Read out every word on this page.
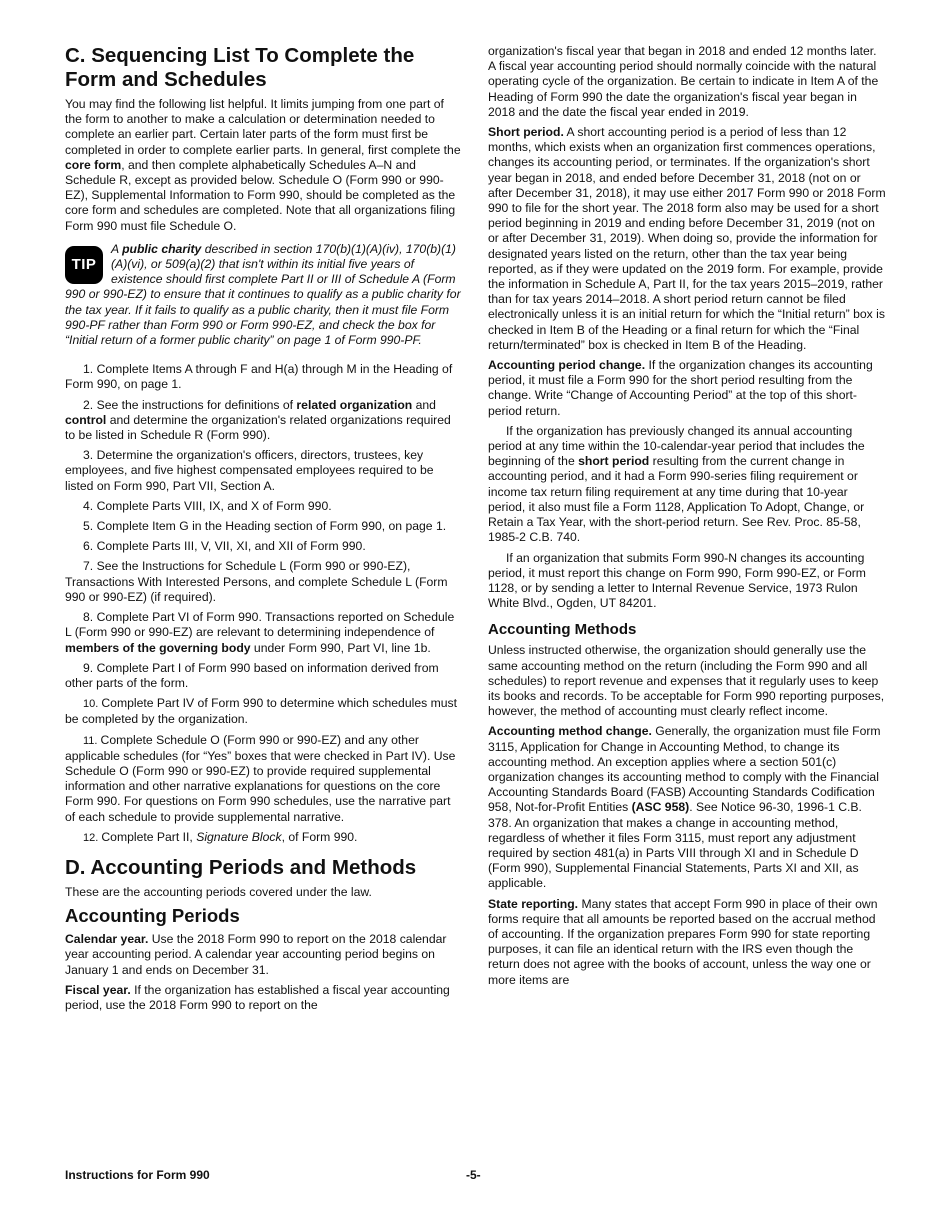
C. Sequencing List To Complete the Form and Schedules

You may find the following list helpful. It limits jumping from one part of the form to another to make a calculation or determination needed to complete an earlier part. Certain later parts of the form must first be completed in order to complete earlier parts. In general, first complete the core form, and then complete alphabetically Schedules A–N and Schedule R, except as provided below. Schedule O (Form 990 or 990-EZ), Supplemental Information to Form 990, should be completed as the core form and schedules are completed. Note that all organizations filing Form 990 must file Schedule O.

TIP
A public charity described in section 170(b)(1)(A)(iv), 170(b)(1)(A)(vi), or 509(a)(2) that isn't within its initial five years of existence should first complete Part II or III of Schedule A (Form 990 or 990-EZ) to ensure that it continues to qualify as a public charity for the tax year. If it fails to qualify as a public charity, then it must file Form 990-PF rather than Form 990 or Form 990-EZ, and check the box for “Initial return of a former public charity” on page 1 of Form 990-PF.

1. Complete Items A through F and H(a) through M in the Heading of Form 990, on page 1.

2. See the instructions for definitions of related organization and control and determine the organization's related organizations required to be listed in Schedule R (Form 990).

3. Determine the organization's officers, directors, trustees, key employees, and five highest compensated employees required to be listed on Form 990, Part VII, Section A.

4. Complete Parts VIII, IX, and X of Form 990.

5. Complete Item G in the Heading section of Form 990, on page 1.

6. Complete Parts III, V, VII, XI, and XII of Form 990.

7. See the Instructions for Schedule L (Form 990 or 990-EZ), Transactions With Interested Persons, and complete Schedule L (Form 990 or 990-EZ) (if required).

8. Complete Part VI of Form 990. Transactions reported on Schedule L (Form 990 or 990-EZ) are relevant to determining independence of members of the governing body under Form 990, Part VI, line 1b.

9. Complete Part I of Form 990 based on information derived from other parts of the form.

10. Complete Part IV of Form 990 to determine which schedules must be completed by the organization.

11. Complete Schedule O (Form 990 or 990-EZ) and any other applicable schedules (for “Yes” boxes that were checked in Part IV). Use Schedule O (Form 990 or 990-EZ) to provide required supplemental information and other narrative explanations for questions on the core Form 990. For questions on Form 990 schedules, use the narrative part of each schedule to provide supplemental narrative.

12. Complete Part II, Signature Block, of Form 990.

D. Accounting Periods and Methods

These are the accounting periods covered under the law.

Accounting Periods

Calendar year. Use the 2018 Form 990 to report on the 2018 calendar year accounting period. A calendar year accounting period begins on January 1 and ends on December 31.

Fiscal year. If the organization has established a fiscal year accounting period, use the 2018 Form 990 to report on the

organization's fiscal year that began in 2018 and ended 12 months later. A fiscal year accounting period should normally coincide with the natural operating cycle of the organization. Be certain to indicate in Item A of the Heading of Form 990 the date the organization's fiscal year began in 2018 and the date the fiscal year ended in 2019.

Short period. A short accounting period is a period of less than 12 months, which exists when an organization first commences operations, changes its accounting period, or terminates. If the organization's short year began in 2018, and ended before December 31, 2018 (not on or after December 31, 2018), it may use either 2017 Form 990 or 2018 Form 990 to file for the short year. The 2018 form also may be used for a short period beginning in 2019 and ending before December 31, 2019 (not on or after December 31, 2019). When doing so, provide the information for designated years listed on the return, other than the tax year being reported, as if they were updated on the 2019 form. For example, provide the information in Schedule A, Part II, for the tax years 2015–2019, rather than for tax years 2014–2018. A short period return cannot be filed electronically unless it is an initial return for which the “Initial return” box is checked in Item B of the Heading or a final return for which the “Final return/terminated” box is checked in Item B of the Heading.

Accounting period change. If the organization changes its accounting period, it must file a Form 990 for the short period resulting from the change. Write “Change of Accounting Period” at the top of this short-period return.

If the organization has previously changed its annual accounting period at any time within the 10-calendar-year period that includes the beginning of the short period resulting from the current change in accounting period, and it had a Form 990-series filing requirement or income tax return filing requirement at any time during that 10-year period, it also must file a Form 1128, Application To Adopt, Change, or Retain a Tax Year, with the short-period return. See Rev. Proc. 85-58, 1985-2 C.B. 740.

If an organization that submits Form 990-N changes its accounting period, it must report this change on Form 990, Form 990-EZ, or Form 1128, or by sending a letter to Internal Revenue Service, 1973 Rulon White Blvd., Ogden, UT 84201.

Accounting Methods

Unless instructed otherwise, the organization should generally use the same accounting method on the return (including the Form 990 and all schedules) to report revenue and expenses that it regularly uses to keep its books and records. To be acceptable for Form 990 reporting purposes, however, the method of accounting must clearly reflect income.

Accounting method change. Generally, the organization must file Form 3115, Application for Change in Accounting Method, to change its accounting method. An exception applies where a section 501(c) organization changes its accounting method to comply with the Financial Accounting Standards Board (FASB) Accounting Standards Codification 958, Not-for-Profit Entities (ASC 958). See Notice 96-30, 1996-1 C.B. 378. An organization that makes a change in accounting method, regardless of whether it files Form 3115, must report any adjustment required by section 481(a) in Parts VIII through XI and in Schedule D (Form 990), Supplemental Financial Statements, Parts XI and XII, as applicable.

State reporting. Many states that accept Form 990 in place of their own forms require that all amounts be reported based on the accrual method of accounting. If the organization prepares Form 990 for state reporting purposes, it can file an identical return with the IRS even though the return does not agree with the books of account, unless the way one or more items are

Instructions for Form 990	-5-
